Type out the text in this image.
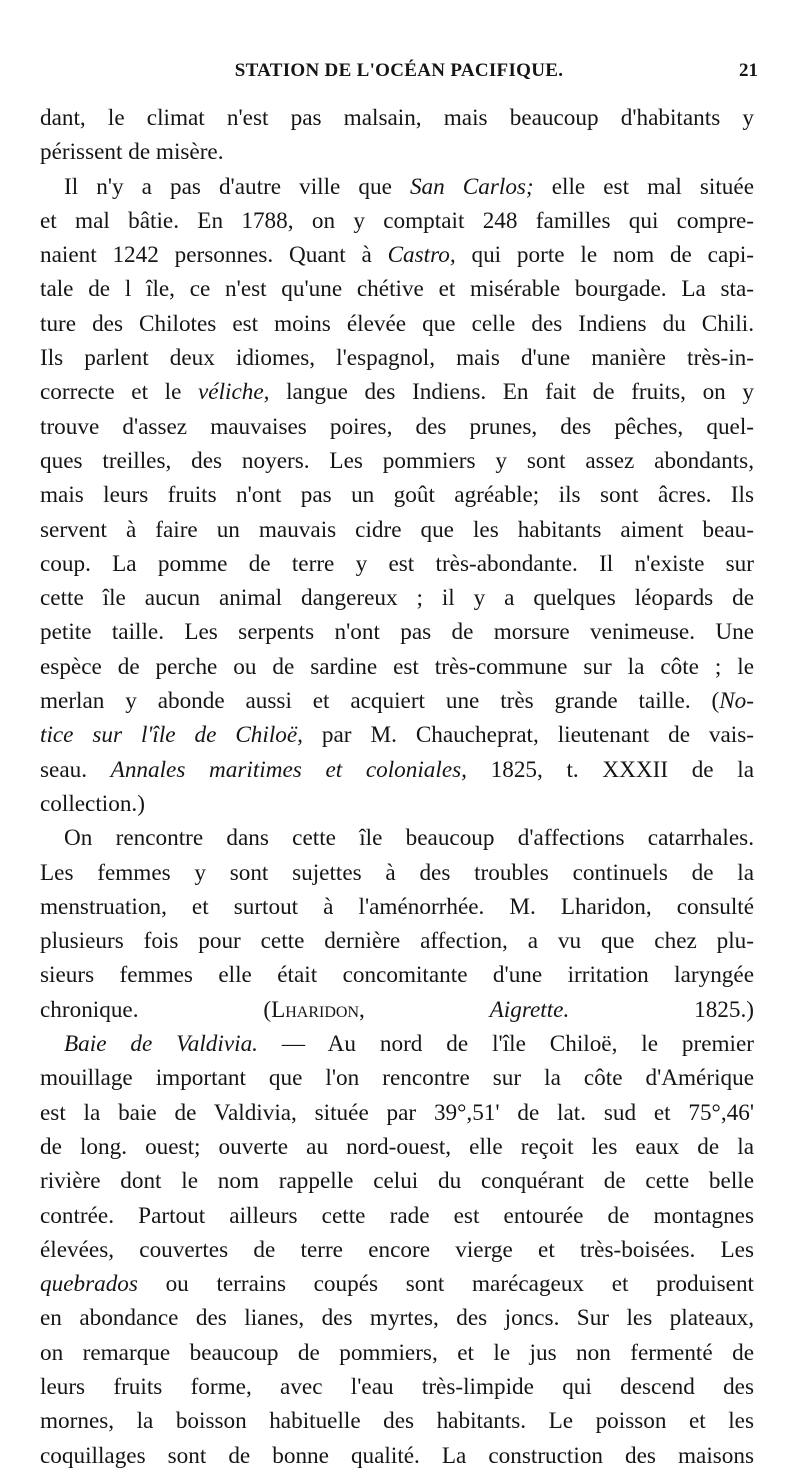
STATION DE L'OCÉAN PACIFIQUE.	21

dant, le climat n'est pas malsain, mais beaucoup d'habitants y
périssent de misère.

Il n'y a pas d'autre ville que San Carlos; elle est mal située
et mal bâtie. En 1788, on y comptait 248 familles qui compre-
naient 1242 personnes. Quant à Castro, qui porte le nom de capi-
tale de l île, ce n'est qu'une chétive et misérable bourgade. La sta-
ture des Chilotes est moins élevée que celle des Indiens du Chili.
Ils parlent deux idiomes, l'espagnol, mais d'une manière très-in-
correcte et le véliche, langue des Indiens. En fait de fruits, on y
trouve d'assez mauvaises poires, des prunes, des pêches, quel-
ques treilles, des noyers. Les pommiers y sont assez abondants,
mais leurs fruits n'ont pas un goût agréable; ils sont âcres. Ils
servent à faire un mauvais cidre que les habitants aiment beau-
coup. La pomme de terre y est très-abondante. Il n'existe sur
cette île aucun animal dangereux ; il y a quelques léopards de
petite taille. Les serpents n'ont pas de morsure venimeuse. Une
espèce de perche ou de sardine est très-commune sur la côte ; le
merlan y abonde aussi et acquiert une très grande taille. (No-
tice sur l'île de Chiloë, par M. Chaucheprat, lieutenant de vais-
seau. Annales maritimes et coloniales, 1825, t. XXXII de la
collection.)

On rencontre dans cette île beaucoup d'affections catarrhales.
Les femmes y sont sujettes à des troubles continuels de la
menstruation, et surtout à l'aménorrhée. M. Lharidon, consulté
plusieurs fois pour cette dernière affection, a vu que chez plu-
sieurs femmes elle était concomitante d'une irritation laryngée
chronique. (Lharidon,	Aigrette.	1825.)

Baie de Valdivia. — Au nord de l'île Chiloë, le premier
mouillage important que l'on rencontre sur la côte d'Amérique
est la baie de Valdivia, située par 39°,51' de lat. sud et 75°,46'
de long. ouest; ouverte au nord-ouest, elle reçoit les eaux de la
rivière dont le nom rappelle celui du conquérant de cette belle
contrée. Partout ailleurs cette rade est entourée de montagnes
élevées, couvertes de terre encore vierge et très-boisées. Les
quebrados ou terrains coupés sont marécageux et produisent
en abondance des lianes, des myrtes, des joncs. Sur les plateaux,
on remarque beaucoup de pommiers, et le jus non fermenté de
leurs fruits forme, avec l'eau très-limpide qui descend des
mornes, la boisson habituelle des habitants. Le poisson et les
coquillages sont de bonne qualité. La construction des maisons
